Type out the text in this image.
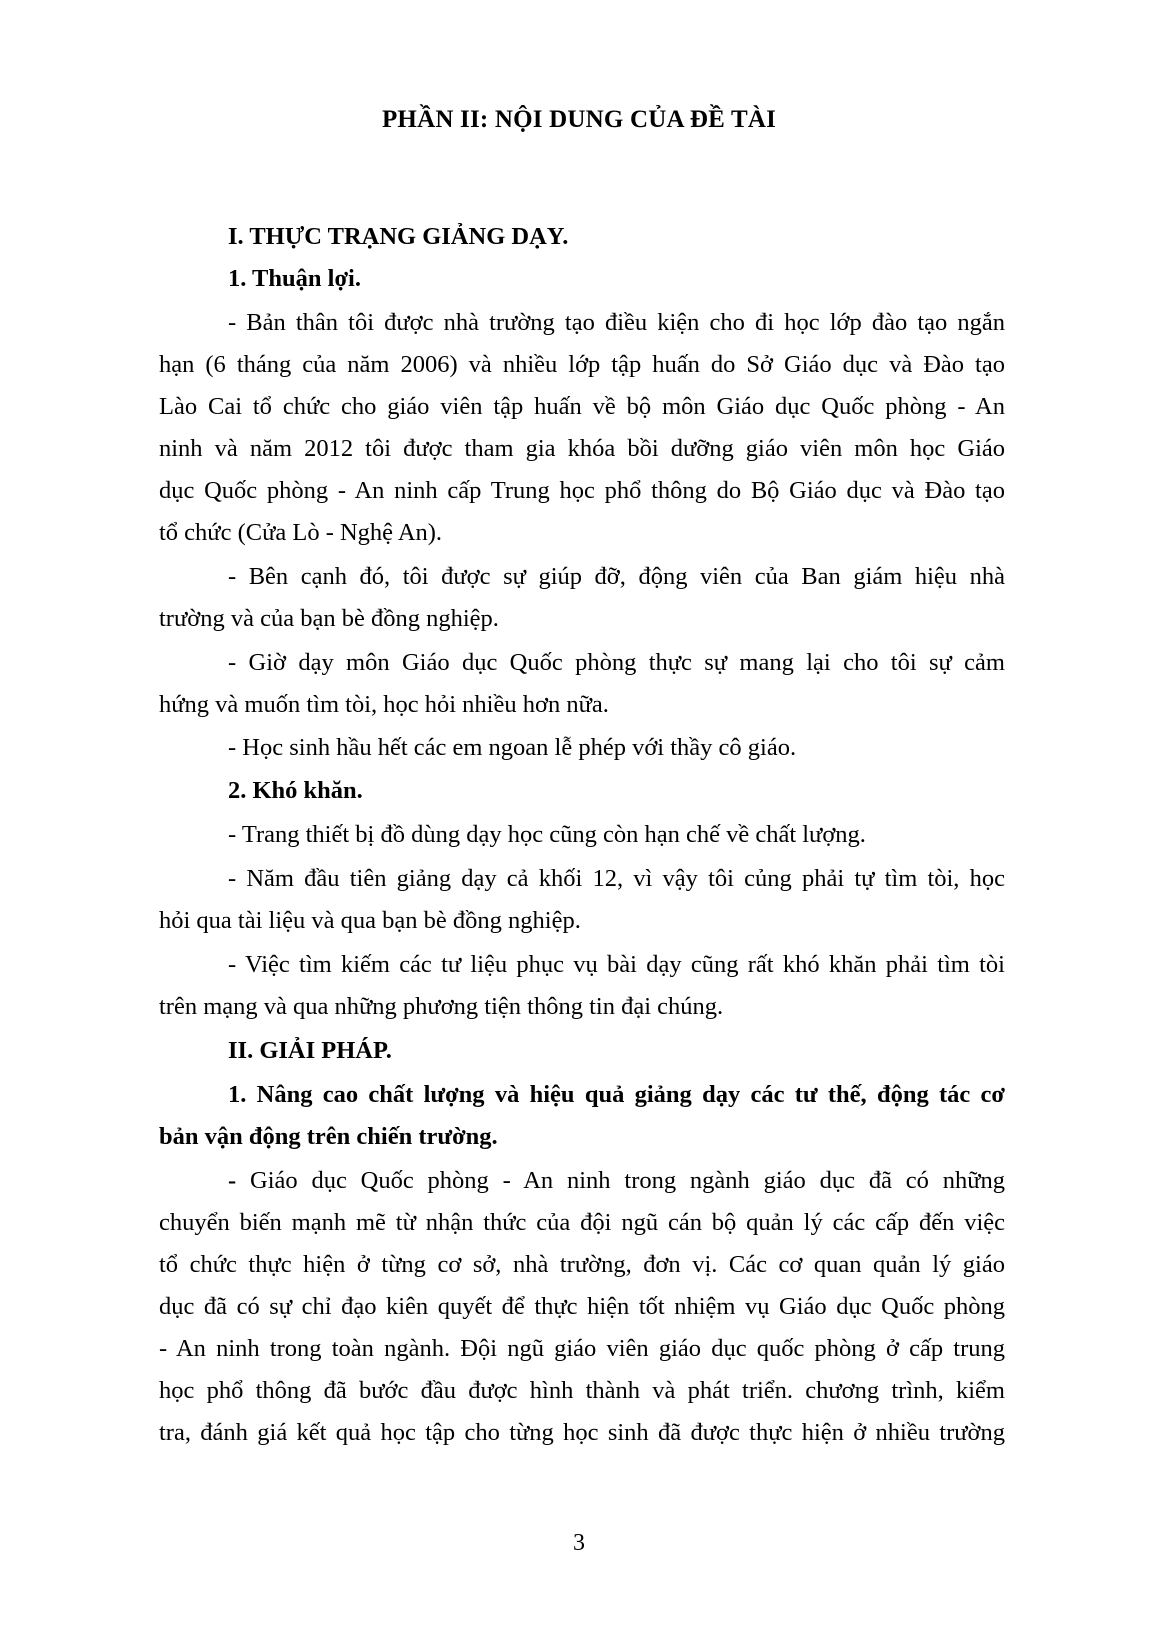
PHẦN II: NỘI DUNG CỦA ĐỀ TÀI
I. THỰC TRẠNG GIẢNG DẠY.
1. Thuận lợi.
- Bản thân tôi được nhà trường tạo điều kiện cho đi học lớp đào tạo ngắn
hạn (6 tháng của năm 2006) và nhiều lớp tập huấn do Sở Giáo dục và Đào tạo
Lào Cai tổ chức cho giáo viên tập huấn về bộ môn Giáo dục Quốc phòng - An
ninh và năm 2012 tôi được tham gia khóa bồi dưỡng giáo viên môn học Giáo
dục Quốc phòng - An ninh cấp Trung học phổ thông do Bộ Giáo dục và Đào tạo
tổ chức (Cửa Lò - Nghệ An).
- Bên cạnh đó, tôi được sự giúp đỡ, động viên của Ban giám hiệu nhà
trường và của bạn bè đồng nghiệp.
- Giờ dạy môn Giáo dục Quốc phòng thực sự mang lại cho tôi sự cảm
hứng và muốn tìm tòi, học hỏi nhiều hơn nữa.
- Học sinh hầu hết các em ngoan lễ phép với thầy cô giáo.
2. Khó khăn.
- Trang thiết bị đồ dùng dạy học cũng còn hạn chế về chất lượng.
- Năm đầu tiên giảng dạy cả khối 12, vì vậy tôi củng phải tự tìm tòi, học
hỏi qua tài liệu và qua bạn bè đồng nghiệp.
- Việc tìm kiếm các tư liệu phục vụ bài dạy cũng rất khó khăn phải tìm tòi
trên mạng và qua những phương tiện thông tin đại chúng.
II. GIẢI PHÁP.
1. Nâng cao chất lượng và hiệu quả giảng dạy các tư thế, động tác cơ
bản vận động trên chiến trường.
- Giáo dục Quốc phòng - An ninh trong ngành giáo dục đã có những
chuyển biến mạnh mẽ từ nhận thức của đội ngũ cán bộ quản lý các cấp đến việc
tổ chức thực hiện ở từng cơ sở, nhà trường, đơn vị. Các cơ quan quản lý giáo
dục đã có sự chỉ đạo kiên quyết để thực hiện tốt nhiệm vụ Giáo dục Quốc phòng
- An ninh trong toàn ngành. Đội ngũ giáo viên giáo dục quốc phòng ở cấp trung
học phổ thông đã bước đầu được hình thành và phát triển. chương trình, kiểm
tra, đánh giá kết quả học tập cho từng học sinh đã được thực hiện ở nhiều trường
3
